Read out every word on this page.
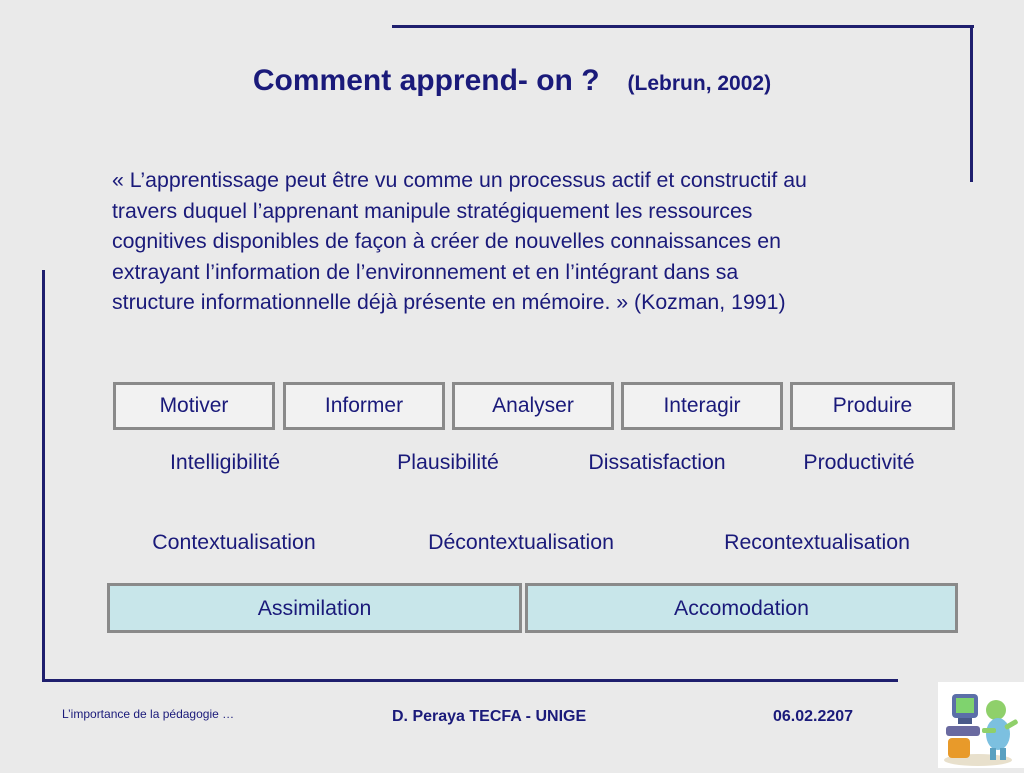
Comment apprend- on ? (Lebrun, 2002)
« L’apprentissage peut être vu comme un processus actif et constructif au
travers duquel l’apprenant manipule stratégiquement les ressources
cognitives disponibles de façon à créer de nouvelles connaissances en
extrayant l’information de l’environnement et en l’intégrant dans sa
structure informationnelle déjà présente en mémoire. » (Kozman, 1991)
Motiver	Informer	Analyser	Interagir	Produire
Intelligibilité	Plausibilité	Dissatisfaction	Productivité
Contextualisation	Décontextualisation	Recontextualisation
Assimilation	Accomodation
L’importance de la pédagogie …	D. Peraya TECFA - UNIGE	06.02.2207
